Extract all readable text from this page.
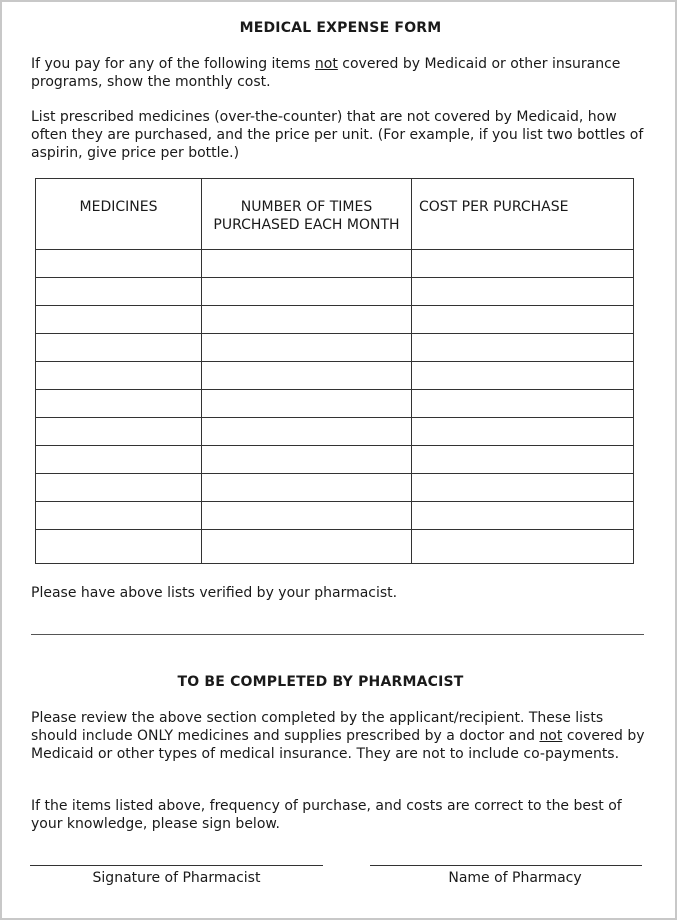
MEDICAL EXPENSE FORM
If you pay for any of the following items not covered by Medicaid or other insurance programs, show the monthly cost.
List prescribed medicines (over-the-counter) that are not covered by Medicaid, how often they are purchased, and the price per unit. (For example, if you list two bottles of aspirin, give price per bottle.)
MEDICINES	NUMBER OF TIMES PURCHASED EACH MONTH	COST PER PURCHASE

Please have above lists verified by your pharmacist.
TO BE COMPLETED BY PHARMACIST
Please review the above section completed by the applicant/recipient. These lists should include ONLY medicines and supplies prescribed by a doctor and not covered by Medicaid or other types of medical insurance. They are not to include co-payments.
If the items listed above, frequency of purchase, and costs are correct to the best of your knowledge, please sign below.
Signature of Pharmacist	Name of Pharmacy
